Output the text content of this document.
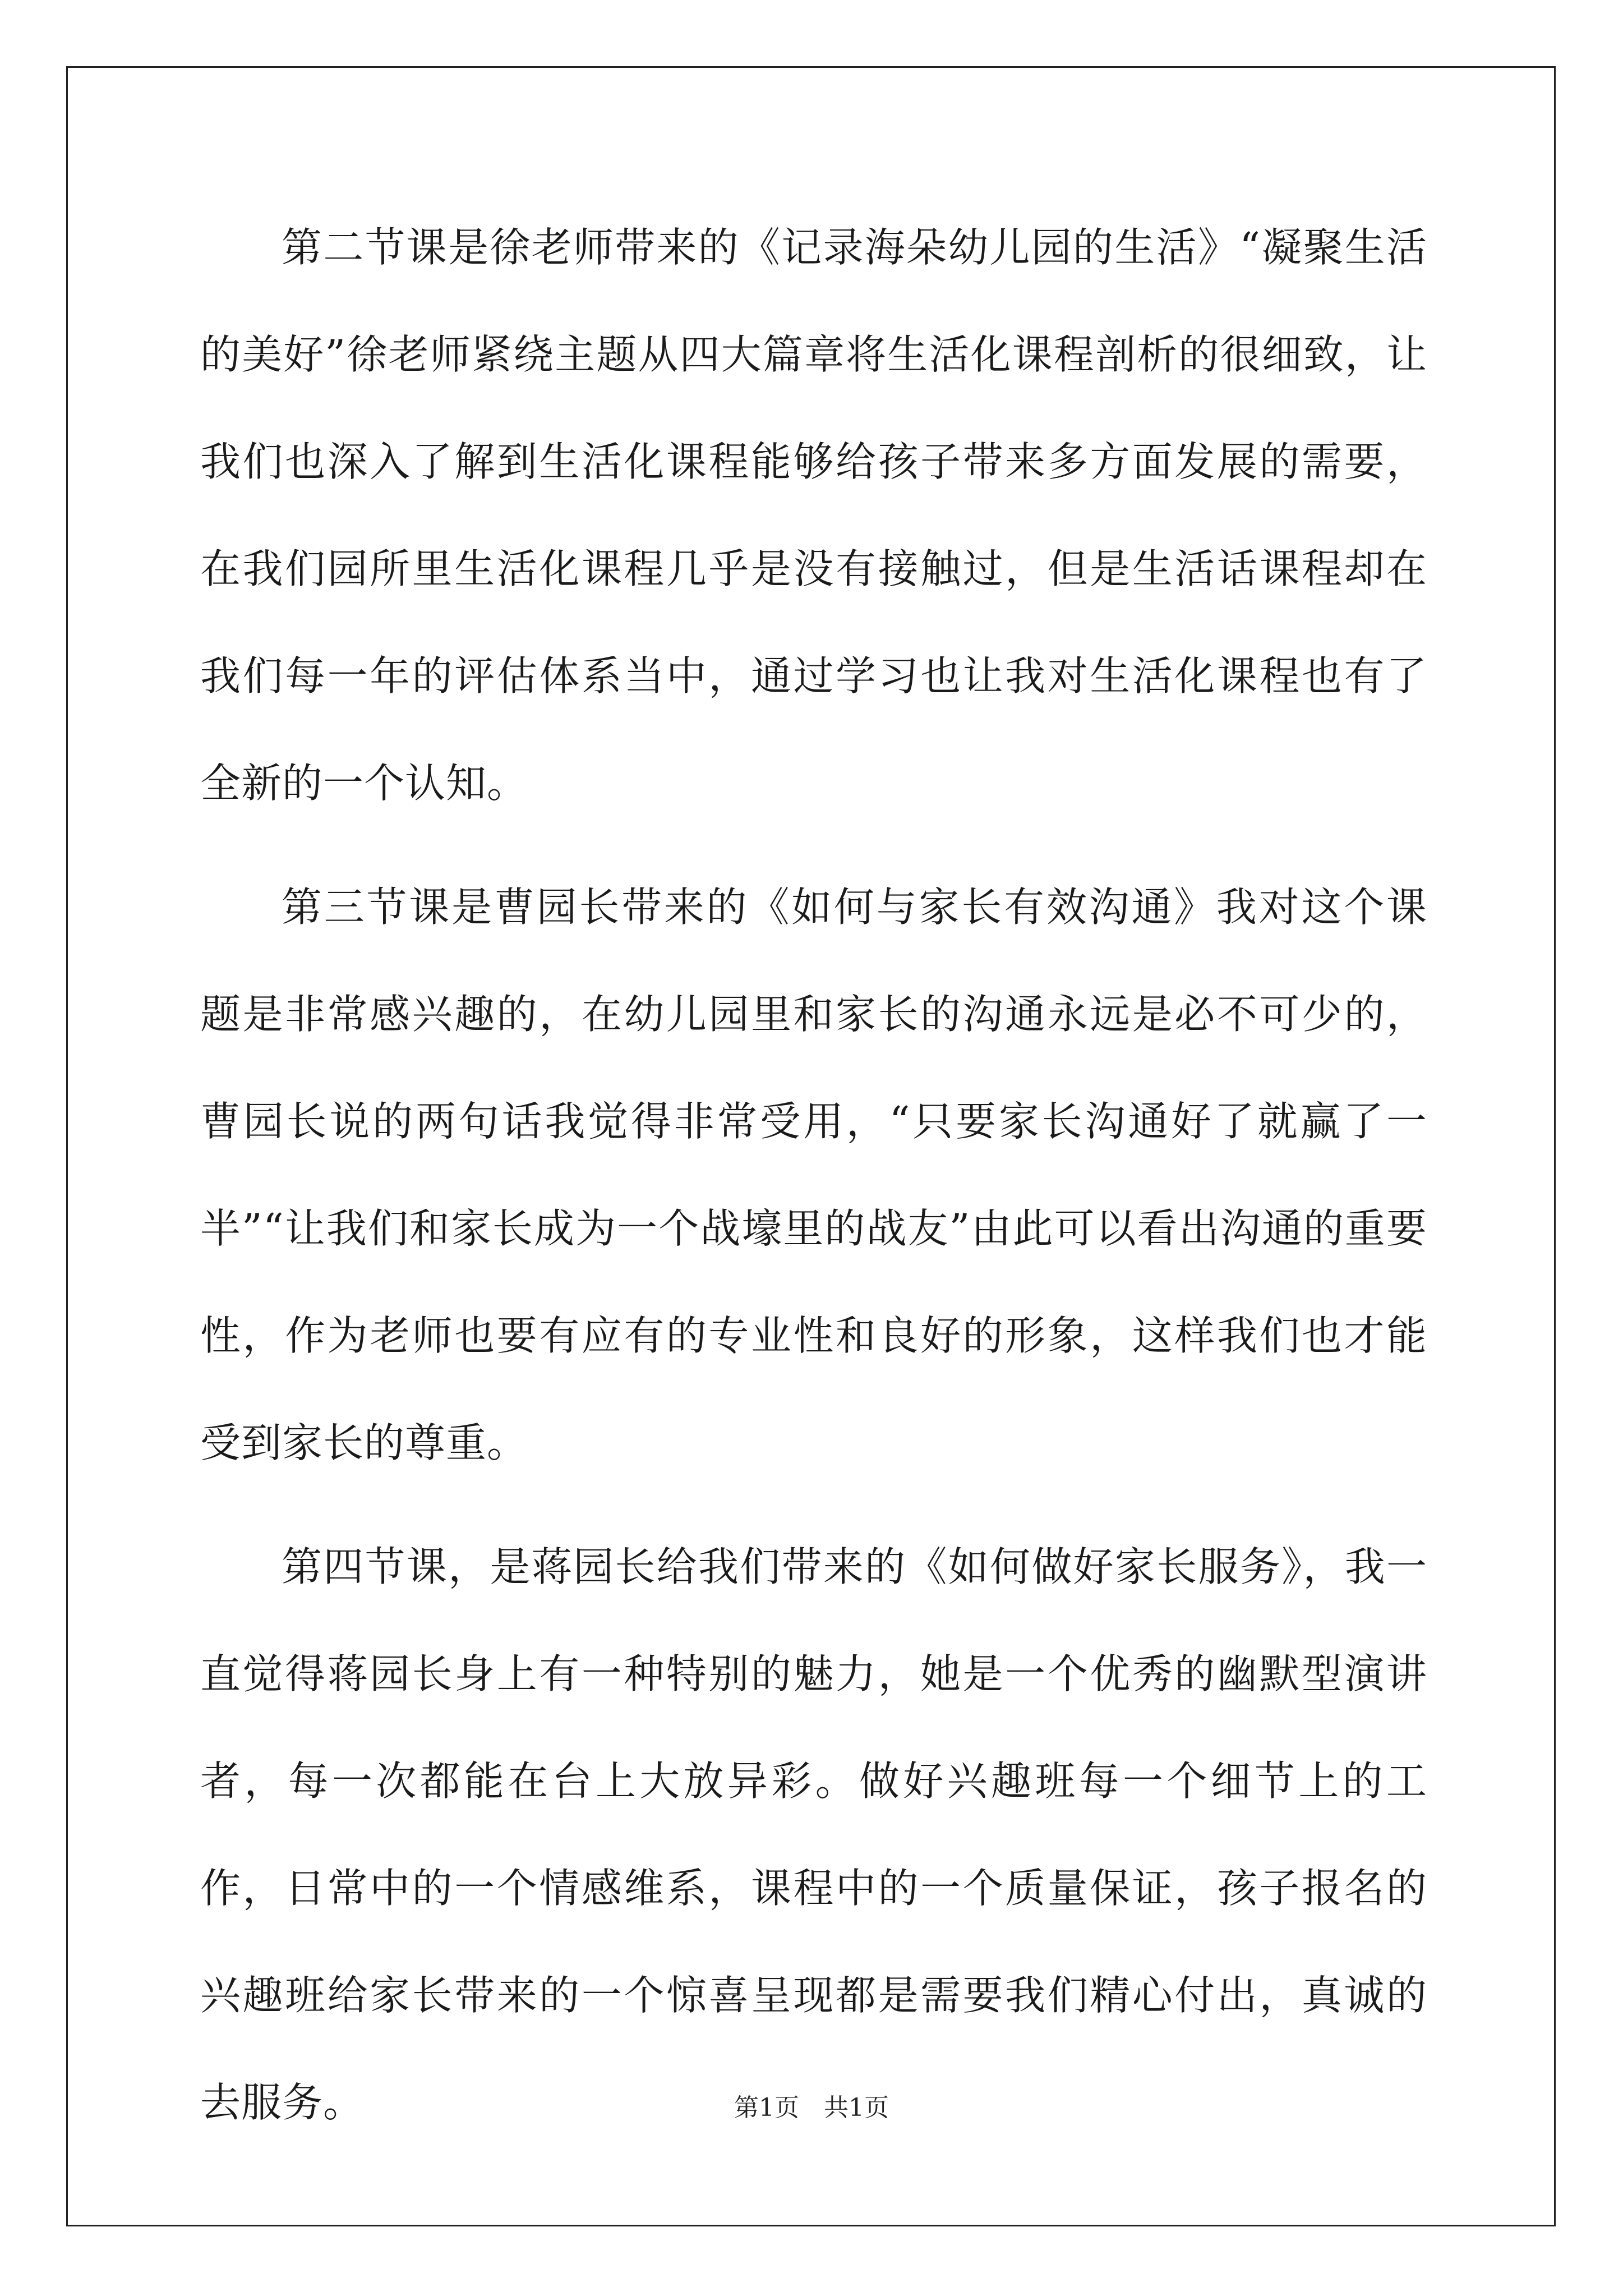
第二节课是徐老师带来的《记录海朵幼儿园的生活》“凝聚生活的美好”徐老师紧绕主题从四大篇章将生活化课程剖析的很细致，让我们也深入了解到生活化课程能够给孩子带来多方面发展的需要，在我们园所里生活化课程几乎是没有接触过，但是生活话课程却在我们每一年的评估体系当中，通过学习也让我对生活化课程也有了全新的一个认知。

第三节课是曹园长带来的《如何与家长有效沟通》我对这个课题是非常感兴趣的，在幼儿园里和家长的沟通永远是必不可少的，曹园长说的两句话我觉得非常受用，“只要家长沟通好了就赢了一半”“让我们和家长成为一个战壕里的战友”由此可以看出沟通的重要性，作为老师也要有应有的专业性和良好的形象，这样我们也才能受到家长的尊重。

第四节课，是蒋园长给我们带来的《如何做好家长服务》，我一直觉得蒋园长身上有一种特别的魅力，她是一个优秀的幽默型演讲者，每一次都能在台上大放异彩。做好兴趣班每一个细节上的工作，日常中的一个情感维系，课程中的一个质量保证，孩子报名的兴趣班给家长带来的一个惊喜呈现都是需要我们精心付出，真诚的去服务。	第1页　共1页
